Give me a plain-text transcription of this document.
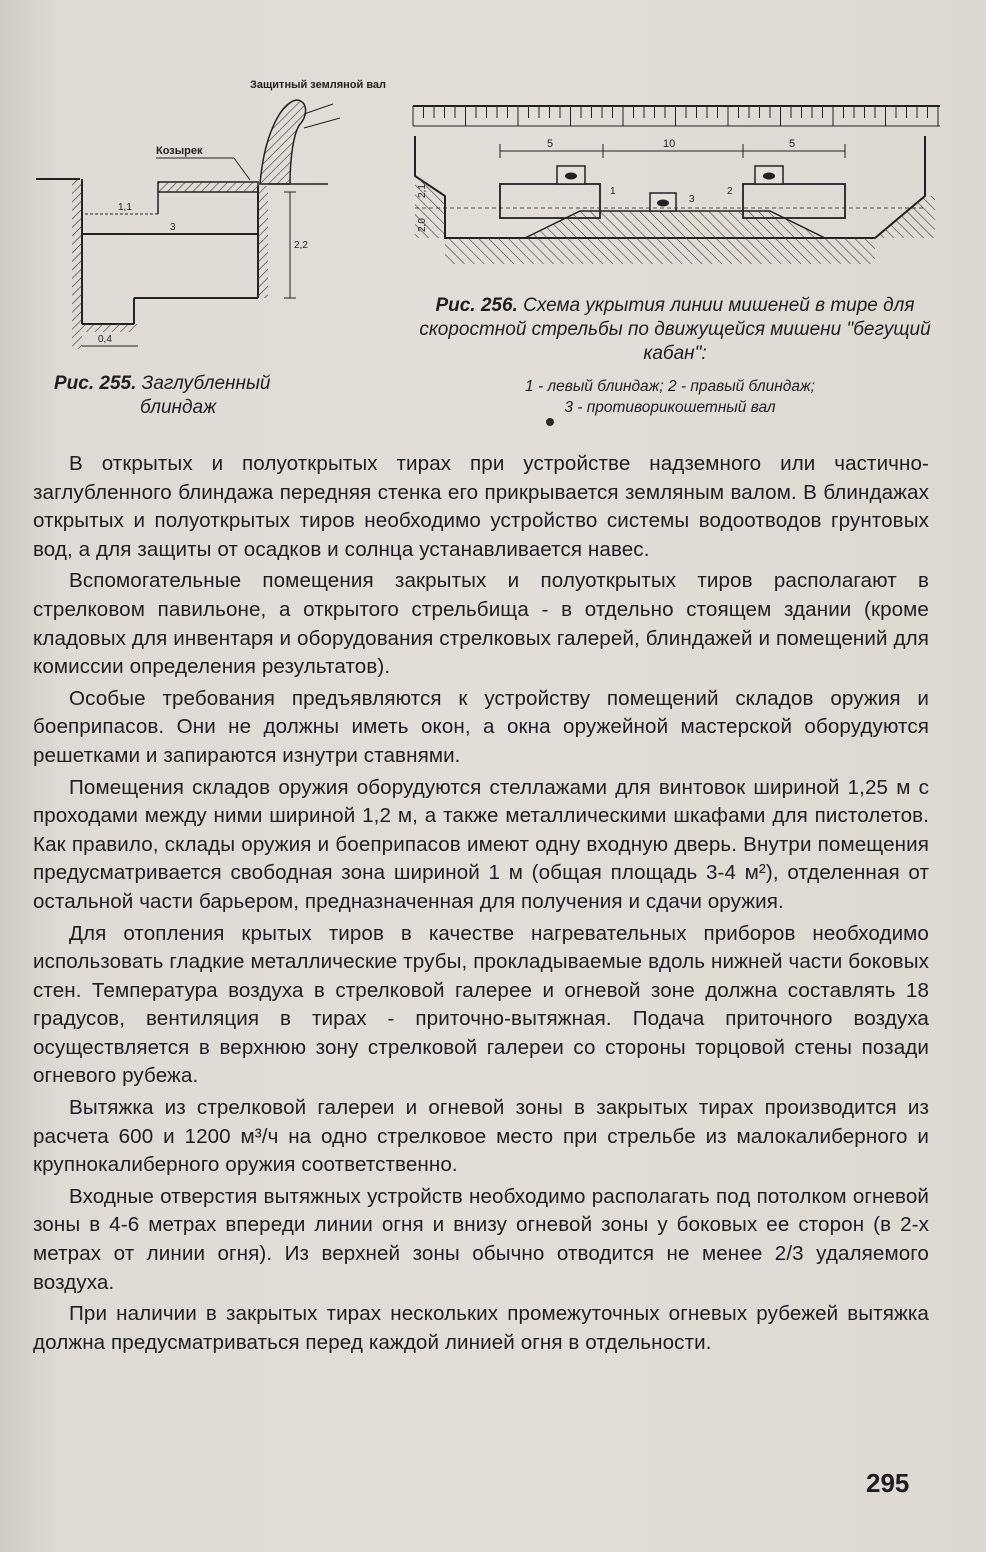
Защитный земляной вал
Козырек
1,1
3
2,2
0,4
Рис. 255. Заглубленный
блиндаж
5	10	5
2,1
2,0
1	2
3
Рис. 256. Схема укрытия линии мишеней в тире для скоростной стрельбы по движущейся мишени "бегущий кабан":
1 - левый блиндаж; 2 - правый блиндаж;
3 - противорикошетный вал

В открытых и полуоткрытых тирах при устройстве надземного или частично-заглубленного блиндажа передняя стенка его прикрывается земляным валом. В блиндажах открытых и полуоткрытых тиров необходимо устройство системы водоотводов грунтовых вод, а для защиты от осадков и солнца устанавливается навес.

Вспомогательные помещения закрытых и полуоткрытых тиров располагают в стрелковом павильоне, а открытого стрельбища - в отдельно стоящем здании (кроме кладовых для инвентаря и оборудования стрелковых галерей, блиндажей и помещений для комиссии определения результатов).

Особые требования предъявляются к устройству помещений складов оружия и боеприпасов. Они не должны иметь окон, а окна оружейной мастерской оборудуются решетками и запираются изнутри ставнями.

Помещения складов оружия оборудуются стеллажами для винтовок шириной 1,25 м с проходами между ними шириной 1,2 м, а также металлическими шкафами для пистолетов. Как правило, склады оружия и боеприпасов имеют одну входную дверь. Внутри помещения предусматривается свободная зона шириной 1 м (общая площадь 3-4 м²), отделенная от остальной части барьером, предназначенная для получения и сдачи оружия.

Для отопления крытых тиров в качестве нагревательных приборов необходимо использовать гладкие металлические трубы, прокладываемые вдоль нижней части боковых стен. Температура воздуха в стрелковой галерее и огневой зоне должна составлять 18 градусов, вентиляция в тирах - приточно-вытяжная. Подача приточного воздуха осуществляется в верхнюю зону стрелковой галереи со стороны торцовой стены позади огневого рубежа.

Вытяжка из стрелковой галереи и огневой зоны в закрытых тирах производится из расчета 600 и 1200 м³/ч на одно стрелковое место при стрельбе из малокалиберного и крупнокалиберного оружия соответственно.

Входные отверстия вытяжных устройств необходимо располагать под потолком огневой зоны в 4-6 метрах впереди линии огня и внизу огневой зоны у боковых ее сторон (в 2-х метрах от линии огня). Из верхней зоны обычно отводится не менее 2/3 удаляемого воздуха.

При наличии в закрытых тирах нескольких промежуточных огневых рубежей вытяжка должна предусматриваться перед каждой линией огня в отдельности.

295
